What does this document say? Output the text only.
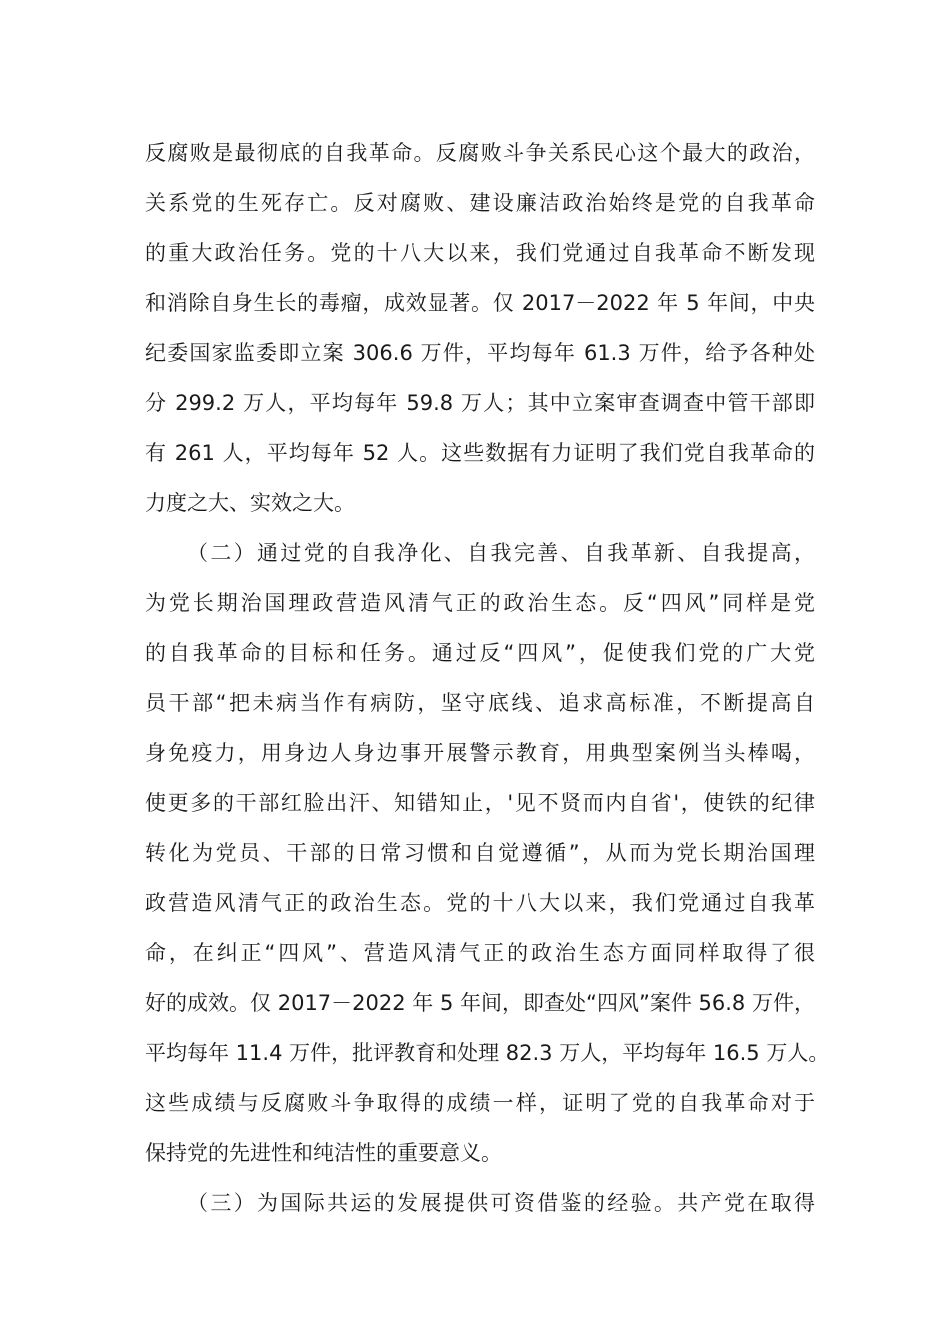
反腐败是最彻底的自我革命。反腐败斗争关系民心这个最大的政治，
关系党的生死存亡。反对腐败、建设廉洁政治始终是党的自我革命
的重大政治任务。党的十八大以来，我们党通过自我革命不断发现
和消除自身生长的毒瘤，成效显著。仅 2017－2022 年 5 年间，中央
纪委国家监委即立案 306.6 万件，平均每年 61.3 万件，给予各种处
分 299.2 万人，平均每年 59.8 万人；其中立案审查调查中管干部即
有 261 人，平均每年 52 人。这些数据有力证明了我们党自我革命的
力度之大、实效之大。
（二）通过党的自我净化、自我完善、自我革新、自我提高，
为党长期治国理政营造风清气正的政治生态。反“四风”同样是党
的自我革命的目标和任务。通过反“四风”，促使我们党的广大党
员干部“把未病当作有病防，坚守底线、追求高标准，不断提高自
身免疫力，用身边人身边事开展警示教育，用典型案例当头棒喝，
使更多的干部红脸出汗、知错知止，'见不贤而内自省'，使铁的纪律
转化为党员、干部的日常习惯和自觉遵循”，从而为党长期治国理
政营造风清气正的政治生态。党的十八大以来，我们党通过自我革
命，在纠正“四风”、营造风清气正的政治生态方面同样取得了很
好的成效。仅 2017－2022 年 5 年间，即查处“四风”案件 56.8 万件，
平均每年 11.4 万件，批评教育和处理 82.3 万人，平均每年 16.5 万人。
这些成绩与反腐败斗争取得的成绩一样，证明了党的自我革命对于
保持党的先进性和纯洁性的重要意义。
（三）为国际共运的发展提供可资借鉴的经验。共产党在取得
